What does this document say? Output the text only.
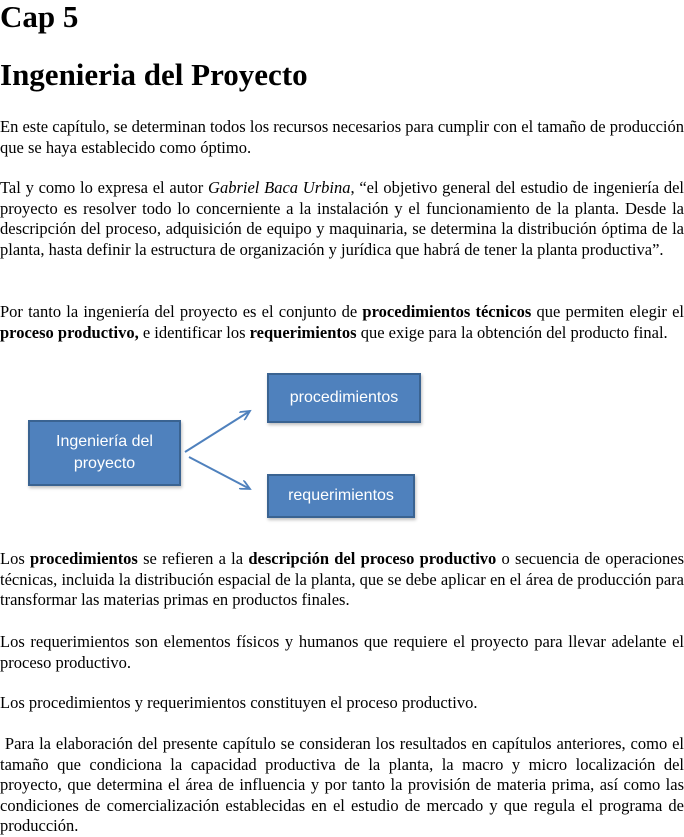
Cap 5
Ingenieria del Proyecto

En este capítulo, se determinan todos los recursos necesarios para cumplir con el tamaño de producción que se haya establecido como óptimo.

Tal y como lo expresa el autor Gabriel Baca Urbina, “el objetivo general del estudio de ingeniería del proyecto es resolver todo lo concerniente a la instalación y el funcionamiento de la planta. Desde la descripción del proceso, adquisición de equipo y maquinaria, se determina la distribución óptima de la planta, hasta definir la estructura de organización y jurídica que habrá de tener la planta productiva”.

Por tanto la ingeniería del proyecto es el conjunto de procedimientos técnicos que permiten elegir el proceso productivo, e identificar los requerimientos que exige para la obtención del producto final.

procedimientos
Ingeniería del proyecto
requerimientos

Los procedimientos se refieren a la descripción del proceso productivo o secuencia de operaciones técnicas, incluida la distribución espacial de la planta, que se debe aplicar en el área de producción para transformar las materias primas en productos finales.

Los requerimientos son elementos físicos y humanos que requiere el proyecto para llevar adelante el proceso productivo.

Los procedimientos y requerimientos constituyen el proceso productivo.

Para la elaboración del presente capítulo se consideran los resultados en capítulos anteriores, como el tamaño que condiciona la capacidad productiva de la planta, la macro y micro localización del proyecto, que determina el área de influencia y por tanto la provisión de materia prima, así como las condiciones de comercialización establecidas en el estudio de mercado y que regula el programa de producción.
